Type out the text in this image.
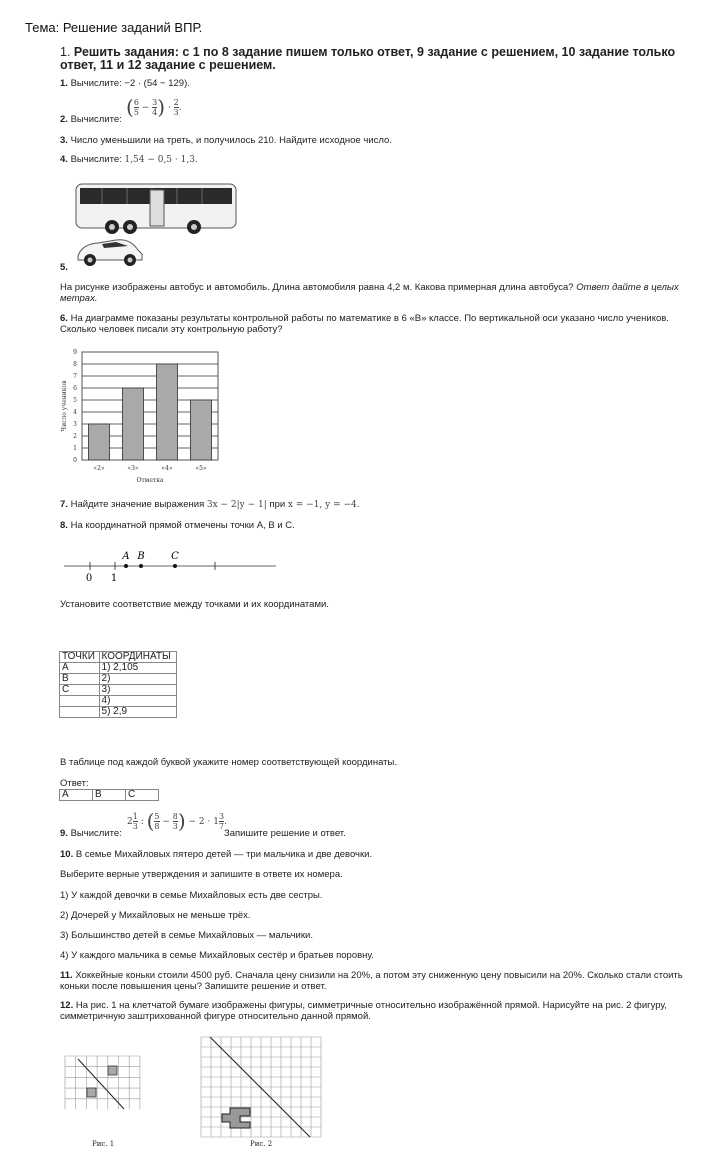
Тема: Решение заданий ВПР.
1. Решить задания: с 1 по 8 задание пишем только ответ, 9 задание с решением, 10 задание только ответ, 11 и 12 задание с решением.
1. Вычислите: −2 · (54 − 129).
2. Вычислите:
( $\frac{6}{5} - \frac{3}{4}$ ) · $\frac{2}{3}$ .
3. Число уменьшили на треть, и получилось 210. Найдите исходное число.
4. Вычислите: 1,54 − 0,5 · 1,3.
5.
На рисунке изображены автобус и автомобиль. Длина автомобиля равна 4,2 м. Какова примерная длина автобуса? Ответ дайте в целых метрах.
6. На диаграмме показаны результаты контрольной работы по математике в 6 «В» классе. По вертикальной оси указано число учеников. Сколько человек писали эту контрольную работу?
0
1
2
3
4
5
6
7
8
9
«2»	«3»	«4»	«5»
Отметка
Число учеников
7. Найдите значение выражения 3x − 2|y − 1| при x = −1, y = −4.
8. На координатной прямой отмечены точки A, B и C.
A B	C
0 1
Установите соответствие между точками и их координатами.
ТОЧКИ	КООРДИНАТЫ
A	1) 2,105
B	2)
C	3)
	4)
	5) 2,9
В таблице под каждой буквой укажите номер соответствующей координаты.
Ответ:
A	B	C
9. Вычислите:
$2 \frac{1}{3}$ : ( $\frac{5}{8} - \frac{8}{3}$ ) − $2 \cdot 1 \frac{3}{7}$ .
Запишите решение и ответ.
10. В семье Михайловых пятеро детей — три мальчика и две девочки.
Выберите верные утверждения и запишите в ответе их номера.
1) У каждой девочки в семье Михайловых есть две сестры.
2) Дочерей у Михайловых не меньше трёх.
3) Большинство детей в семье Михайловых — мальчики.
4) У каждого мальчика в семье Михайловых сестёр и братьев поровну.
11. Хоккейные коньки стоили 4500 руб. Сначала цену снизили на 20%, а потом эту сниженную цену повысили на 20%. Сколько стали стоить коньки после повышения цены? Запишите решение и ответ.
12. На рис. 1 на клетчатой бумаге изображены фигуры, симметричные относительно изображённой прямой. Нарисуйте на рис. 2 фигуру, симметричную заштрихованной фигуре относительно данной прямой.
Рис. 1	Рис. 2
